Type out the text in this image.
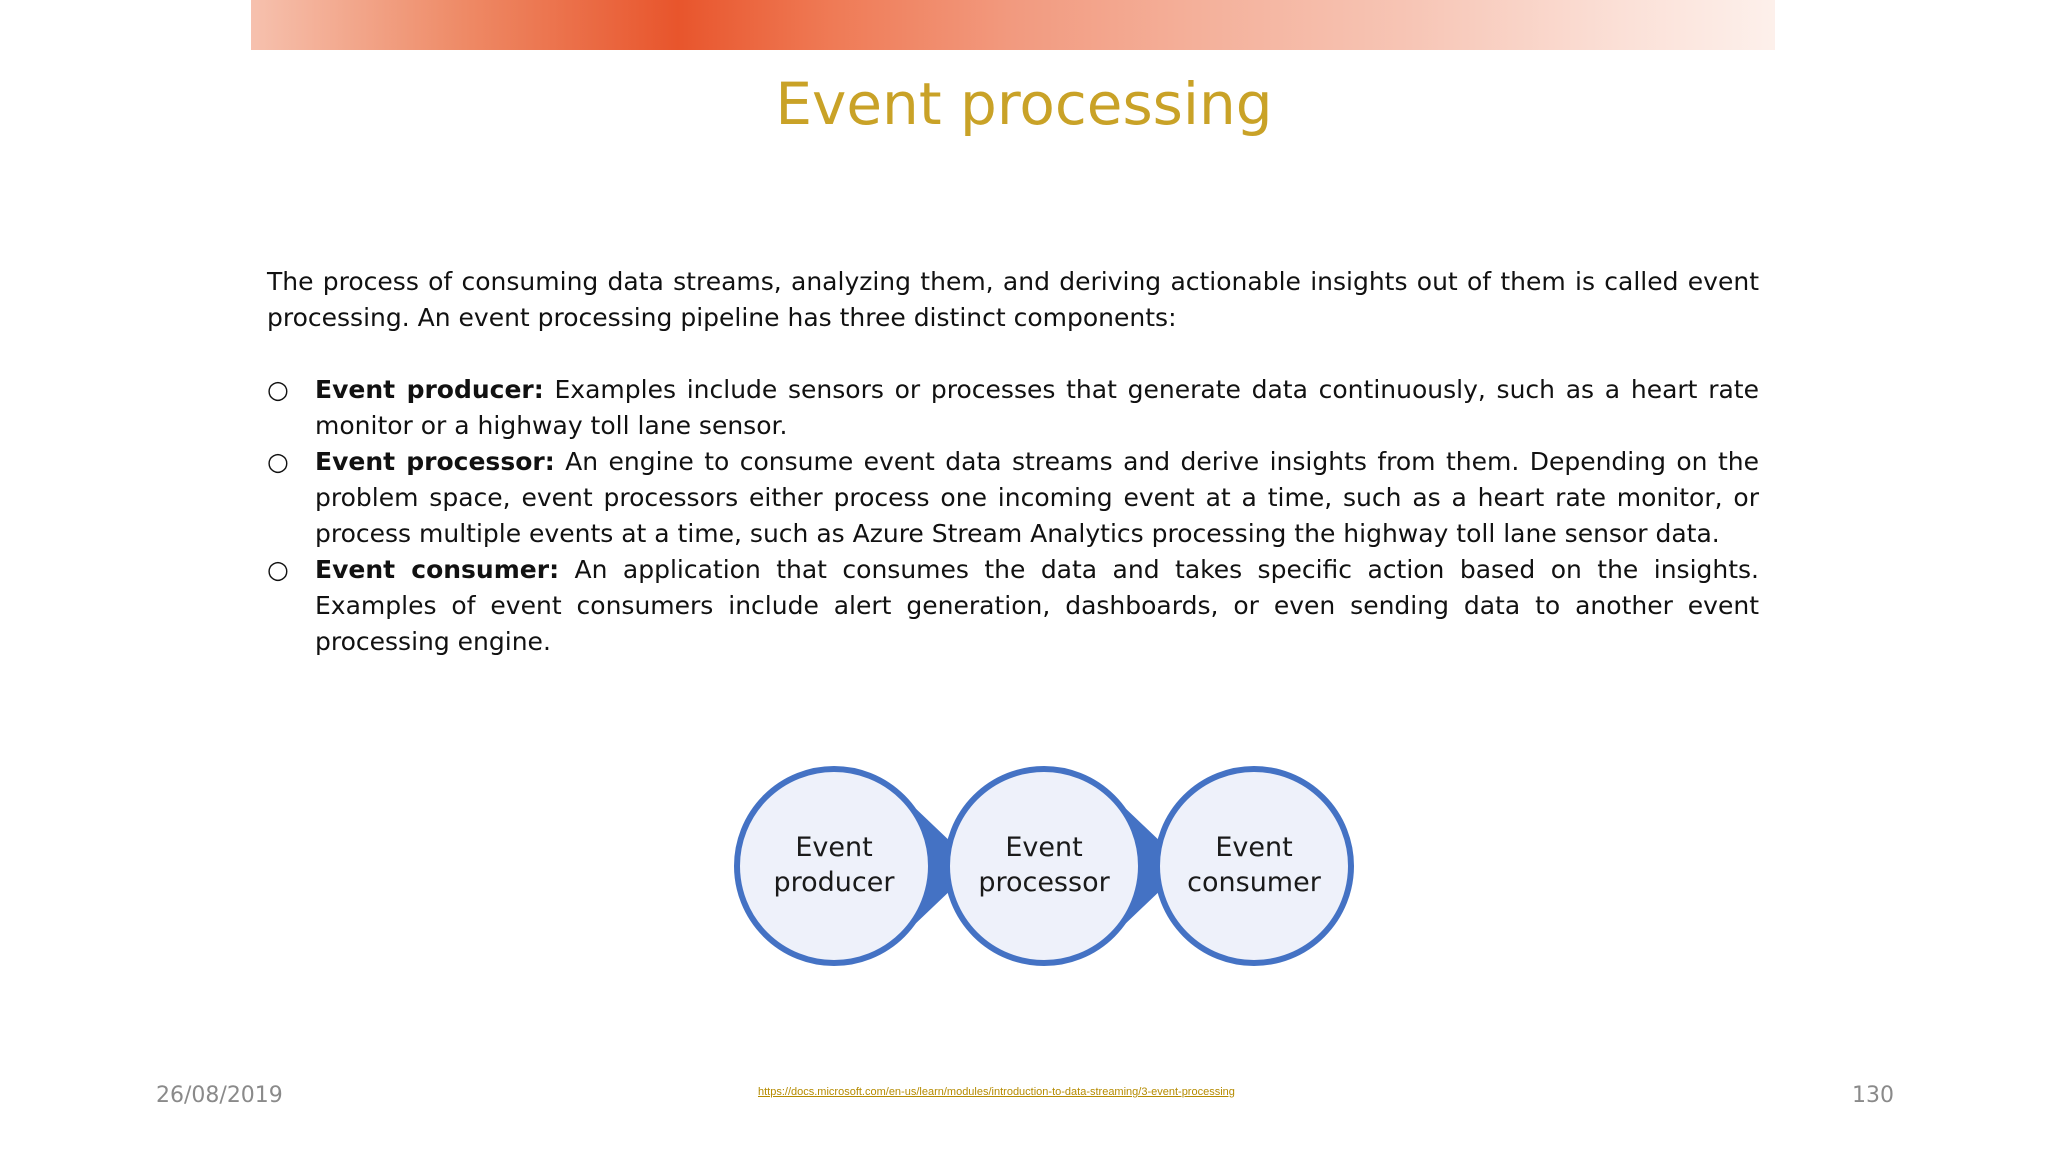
Event processing

The process of consuming data streams, analyzing them, and deriving actionable insights out of them is called event processing. An event processing pipeline has three distinct components:

○ Event producer: Examples include sensors or processes that generate data continuously, such as a heart rate monitor or a highway toll lane sensor.
○ Event processor: An engine to consume event data streams and derive insights from them. Depending on the problem space, event processors either process one incoming event at a time, such as a heart rate monitor, or process multiple events at a time, such as Azure Stream Analytics processing the highway toll lane sensor data.
○ Event consumer: An application that consumes the data and takes specific action based on the insights. Examples of event consumers include alert generation, dashboards, or even sending data to another event processing engine.
Event
producer
Event
processor
Event
consumer
26/08/2019	https://docs.microsoft.com/en-us/learn/modules/introduction-to-data-streaming/3-event-processing	130
